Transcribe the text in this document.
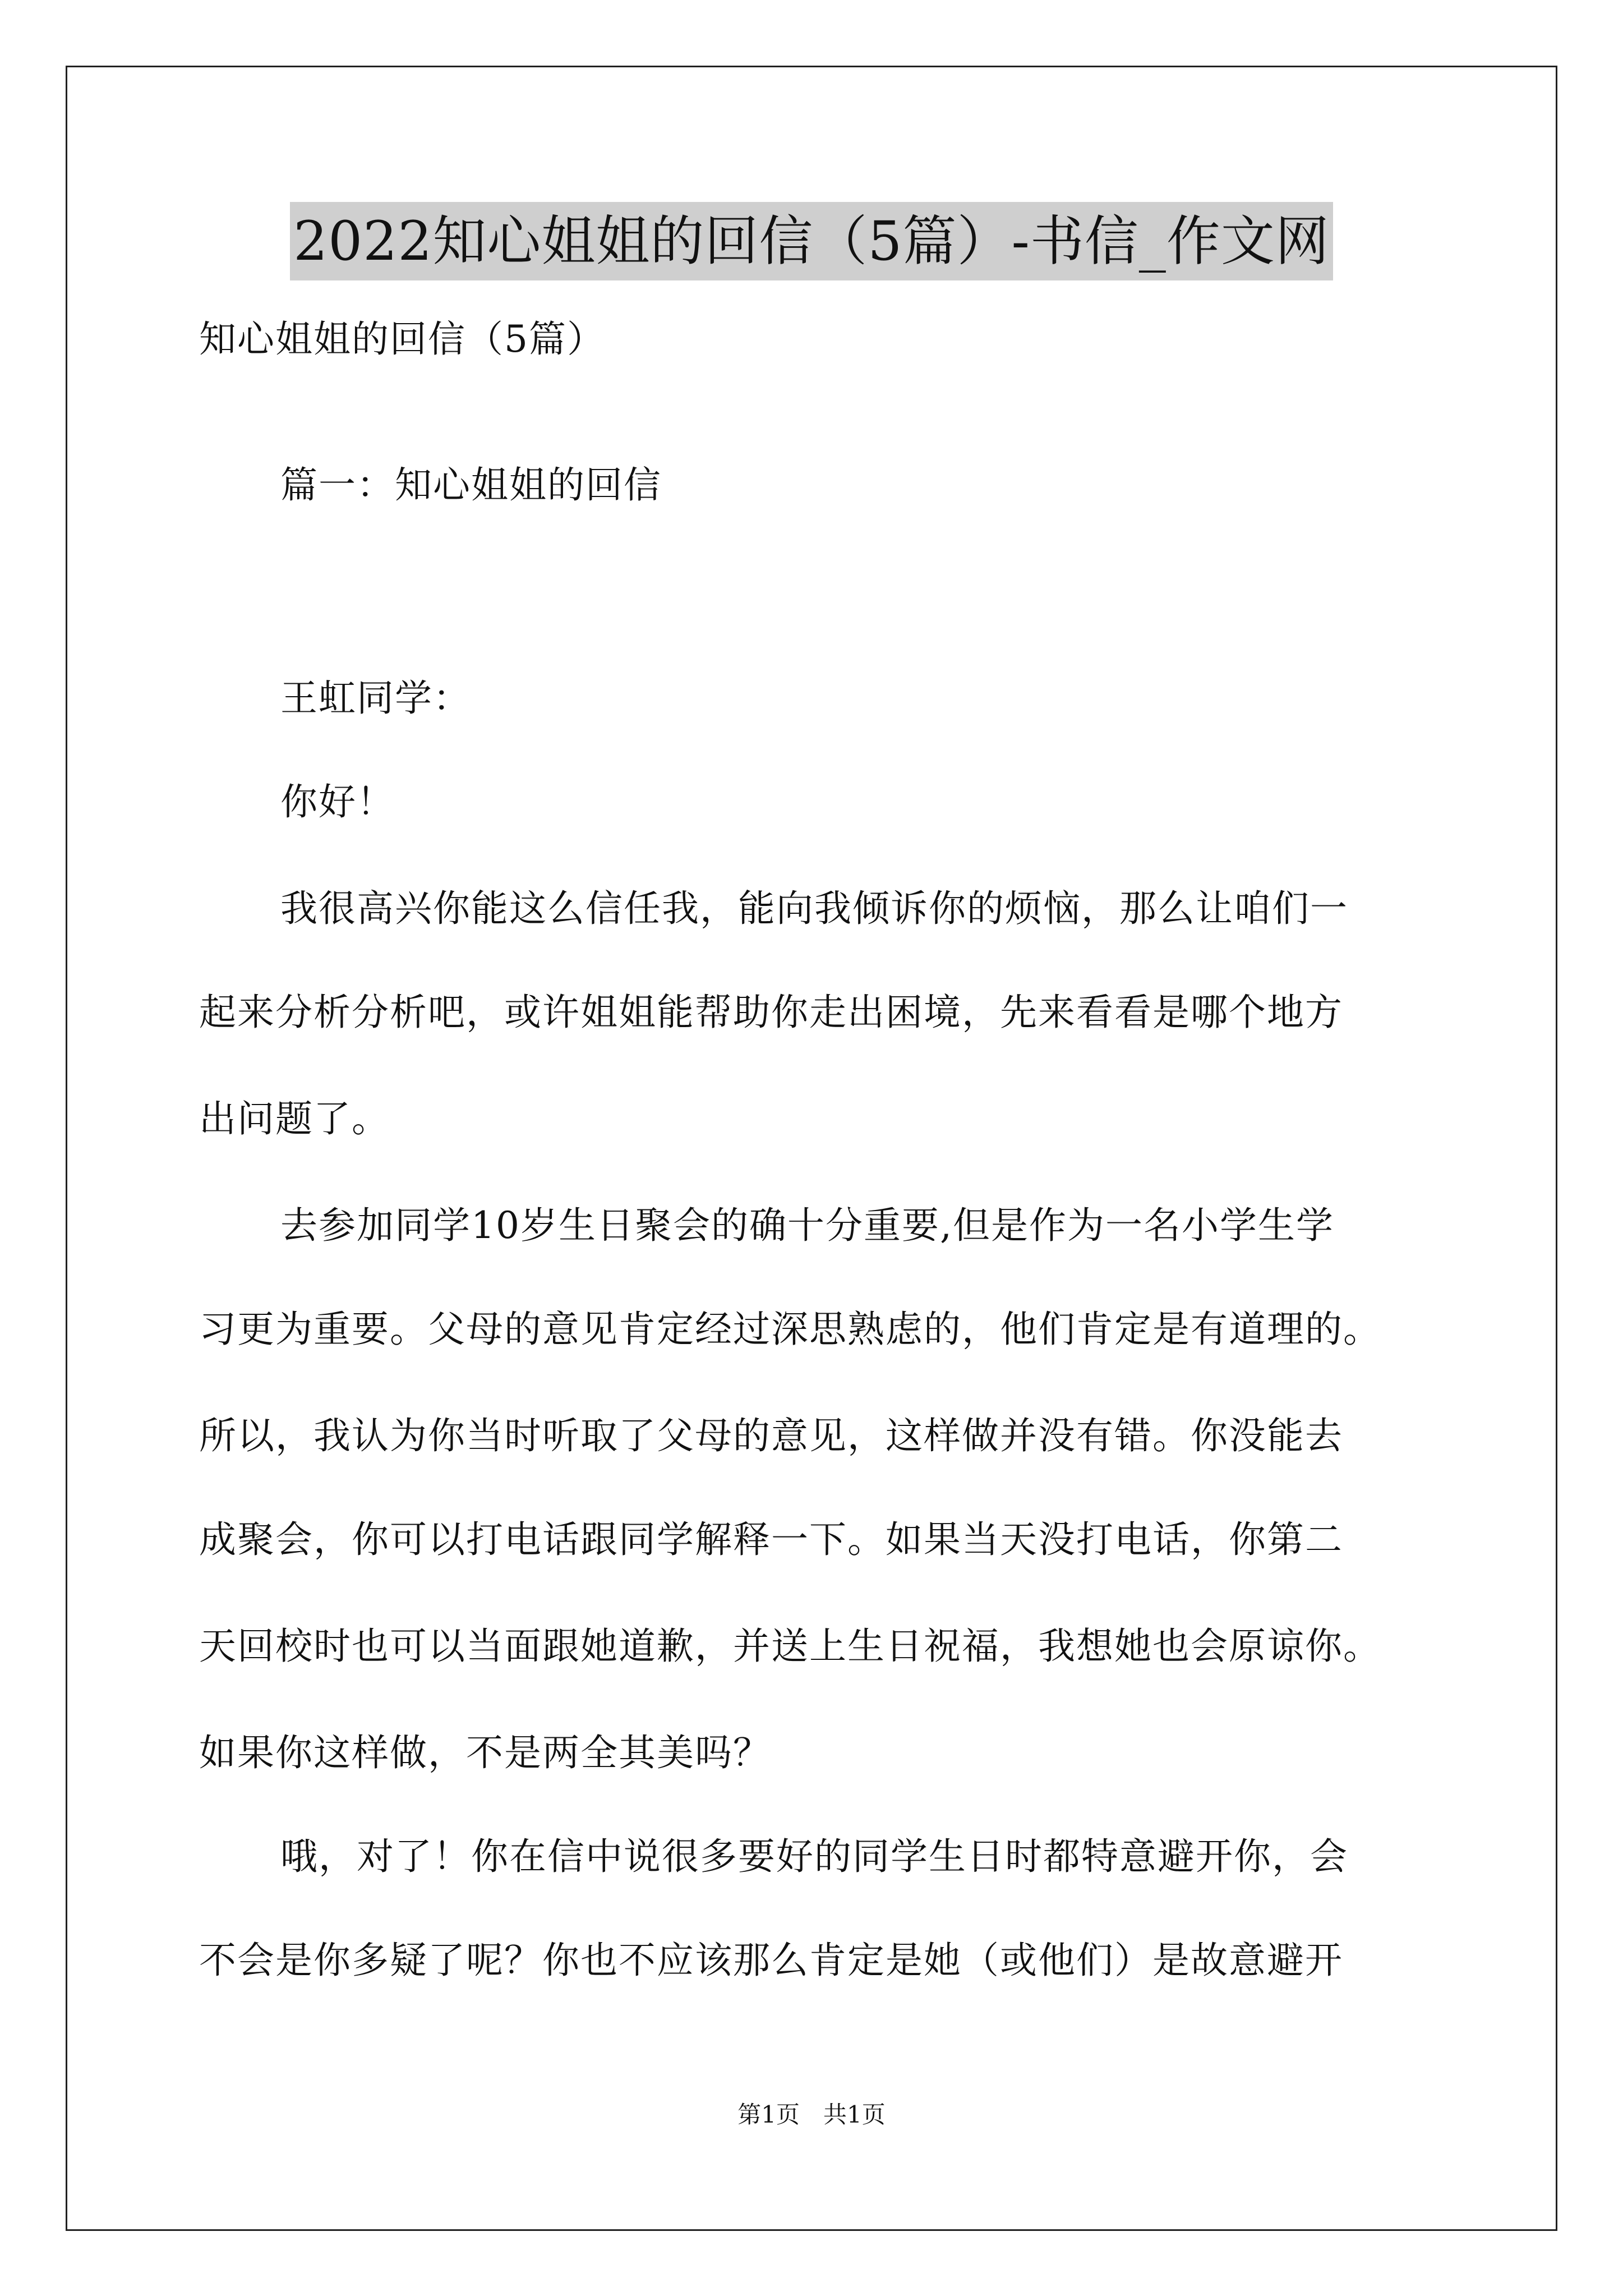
2022知心姐姐的回信（5篇）-书信_作文网
知心姐姐的回信（5篇）
篇一：知心姐姐的回信
王虹同学：
你好！
我很高兴你能这么信任我，能向我倾诉你的烦恼，那么让咱们一
起来分析分析吧，或许姐姐能帮助你走出困境，先来看看是哪个地方
出问题了。
去参加同学10岁生日聚会的确十分重要,但是作为一名小学生学
习更为重要。父母的意见肯定经过深思熟虑的，他们肯定是有道理的。
所以，我认为你当时听取了父母的意见，这样做并没有错。你没能去
成聚会，你可以打电话跟同学解释一下。如果当天没打电话，你第二
天回校时也可以当面跟她道歉，并送上生日祝福，我想她也会原谅你。
如果你这样做，不是两全其美吗？
哦，对了！你在信中说很多要好的同学生日时都特意避开你，会
不会是你多疑了呢？你也不应该那么肯定是她（或他们）是故意避开
第1页　共1页
